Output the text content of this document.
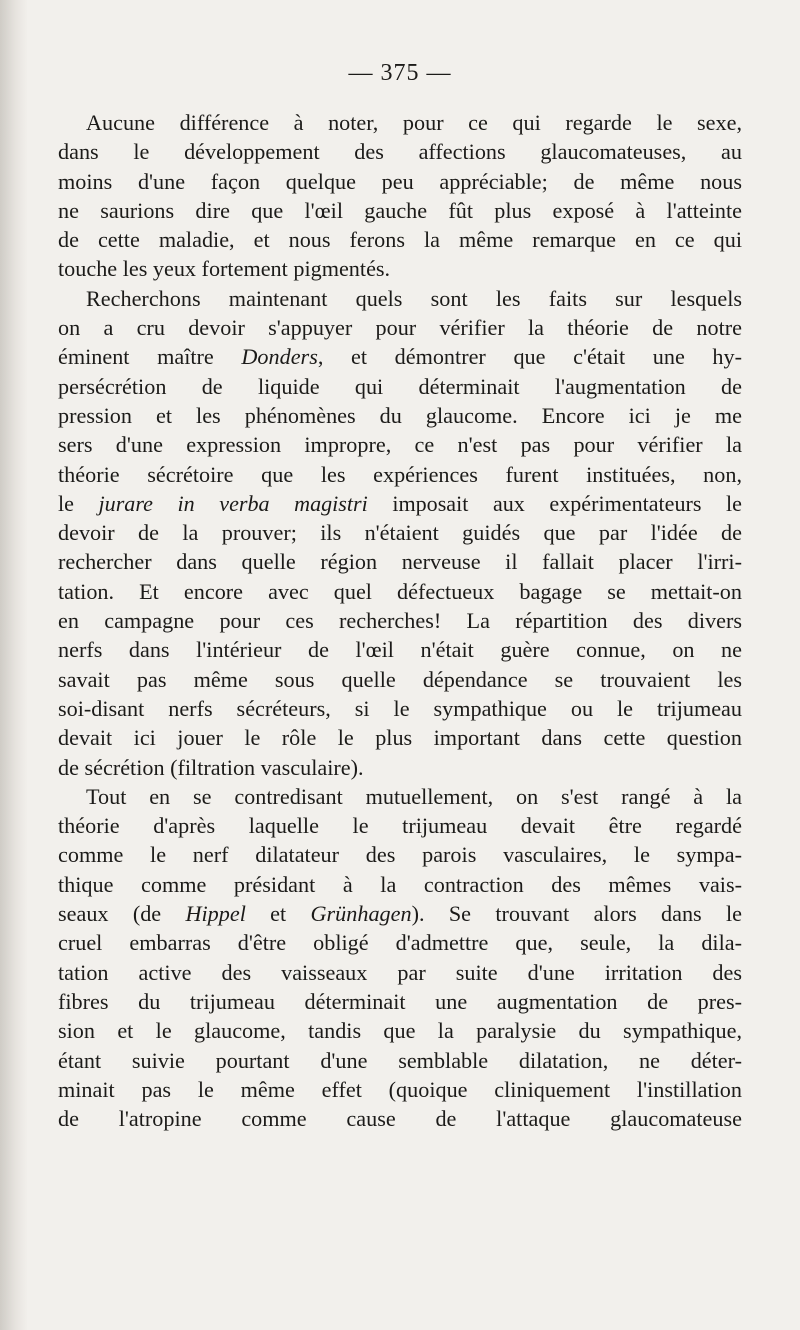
— 375 —

Aucune différence à noter, pour ce qui regarde le sexe,
dans le développement des affections glaucomateuses, au
moins d'une façon quelque peu appréciable; de même nous
ne saurions dire que l'œil gauche fût plus exposé à l'atteinte
de cette maladie, et nous ferons la même remarque en ce qui
touche les yeux fortement pigmentés.

Recherchons maintenant quels sont les faits sur lesquels
on a cru devoir s'appuyer pour vérifier la théorie de notre
éminent maître Donders, et démontrer que c'était une hy-
persécrétion de liquide qui déterminait l'augmentation de
pression et les phénomènes du glaucome. Encore ici je me
sers d'une expression impropre, ce n'est pas pour vérifier la
théorie sécrétoire que les expériences furent instituées, non,
le jurare in verba magistri imposait aux expérimentateurs le
devoir de la prouver; ils n'étaient guidés que par l'idée de
rechercher dans quelle région nerveuse il fallait placer l'irri-
tation. Et encore avec quel défectueux bagage se mettait-on
en campagne pour ces recherches! La répartition des divers
nerfs dans l'intérieur de l'œil n'était guère connue, on ne
savait pas même sous quelle dépendance se trouvaient les
soi-disant nerfs sécréteurs, si le sympathique ou le trijumeau
devait ici jouer le rôle le plus important dans cette question
de sécrétion (filtration vasculaire).

Tout en se contredisant mutuellement, on s'est rangé à la
théorie d'après laquelle le trijumeau devait être regardé
comme le nerf dilatateur des parois vasculaires, le sympa-
thique comme présidant à la contraction des mêmes vais-
seaux (de Hippel et Grünhagen). Se trouvant alors dans le
cruel embarras d'être obligé d'admettre que, seule, la dila-
tation active des vaisseaux par suite d'une irritation des
fibres du trijumeau déterminait une augmentation de pres-
sion et le glaucome, tandis que la paralysie du sympathique,
étant suivie pourtant d'une semblable dilatation, ne déter-
minait pas le même effet (quoique cliniquement l'instillation
de l'atropine comme cause de l'attaque glaucomateuse
